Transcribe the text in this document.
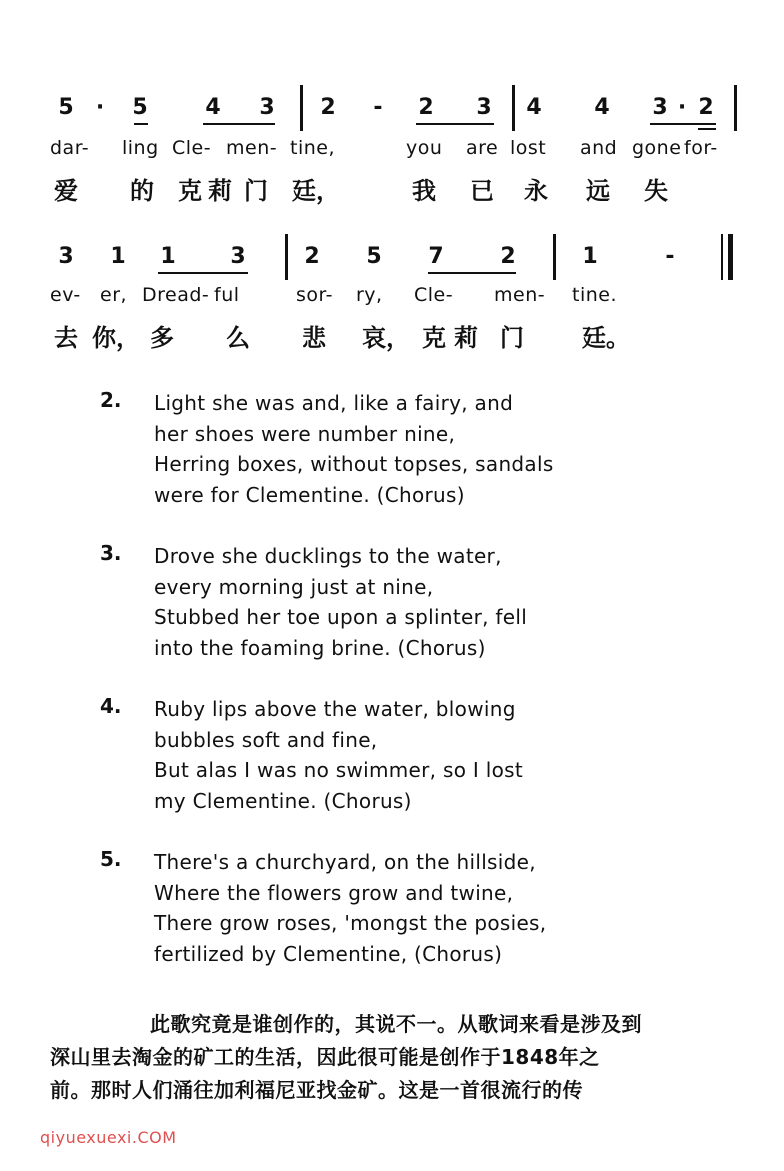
5 · 5	4 3 2 - 2 3 4 4 3 · 2
dar- ling Cle- men- tine,	you are lost and gone for-
爱 的 克 莉 门 廷，	我 已 永 远 失
3 1 1 3	2 5 7	2	1	-
ev- er, Dread- ful	sor- ry, Cle- men- tine.
去 你， 多 么 悲 哀， 克 莉 门 廷。
2.	Light she was and, like a fairy, and
her shoes were number nine,
Herring boxes, without topses, sandals
were for Clementine. (Chorus)
3.	Drove she ducklings to the water,
every morning just at nine,
Stubbed her toe upon a splinter, fell
into the foaming brine. (Chorus)
4.	Ruby lips above the water, blowing
bubbles soft and fine,
But alas I was no swimmer, so I lost
my Clementine. (Chorus)
5.	There's a churchyard, on the hillside,
Where the flowers grow and twine,
There grow roses, 'mongst the posies,
fertilized by Clementine, (Chorus)
此歌究竟是谁创作的，其说不一。从歌词来看是涉及到
深山里去淘金的矿工的生活，因此很可能是创作于1848年之
前。那时人们涌往加利福尼亚找金矿。这是一首很流行的传
qiyuexuexi.COM
